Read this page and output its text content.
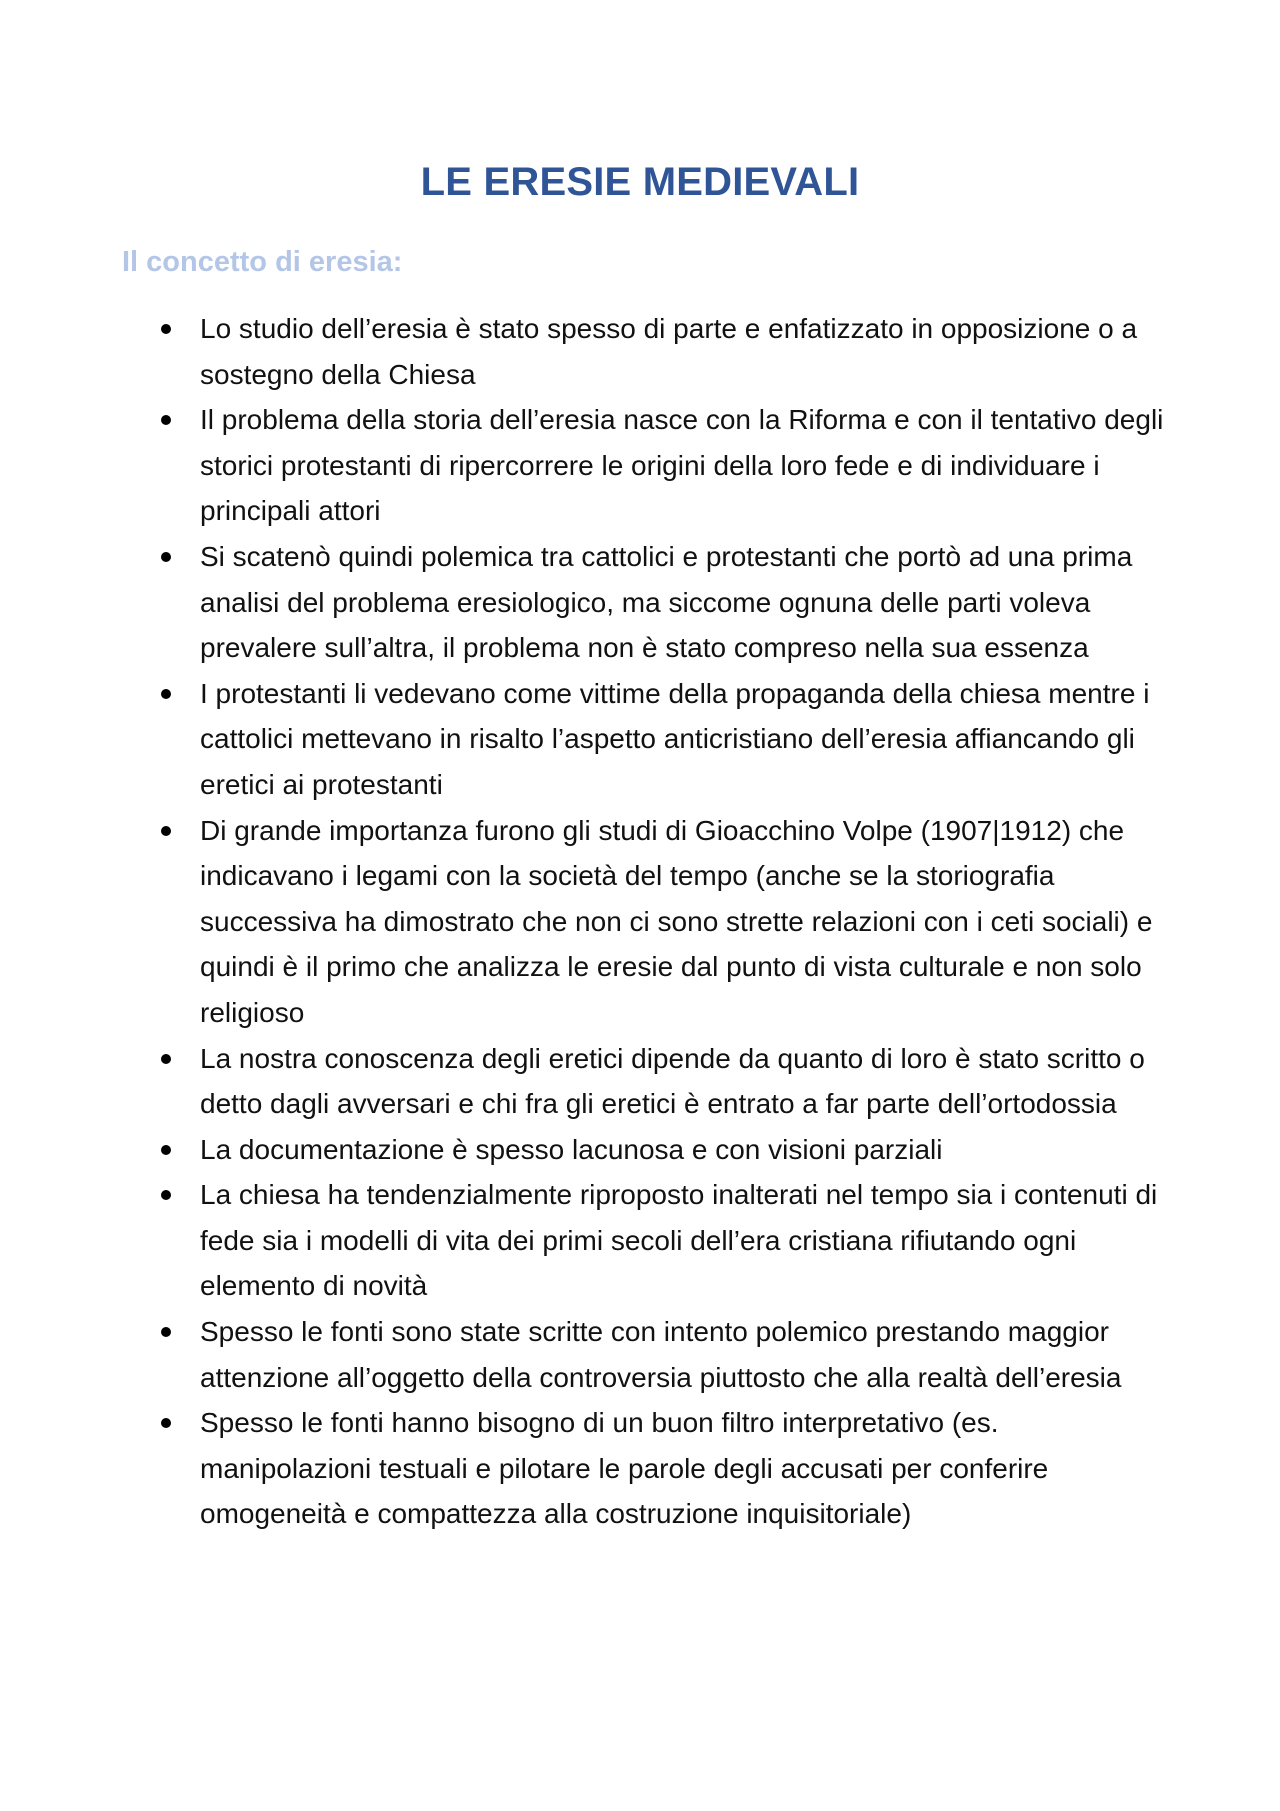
LE ERESIE MEDIEVALI
Il concetto di eresia:
Lo studio dell’eresia è stato spesso di parte e enfatizzato in opposizione o a sostegno della Chiesa
Il problema della storia dell’eresia nasce con la Riforma e con il tentativo degli storici protestanti di ripercorrere le origini della loro fede e di individuare i principali attori
Si scatenò quindi polemica tra cattolici e protestanti che portò ad una prima analisi del problema eresiologico, ma siccome ognuna delle parti voleva prevalere sull’altra, il problema non è stato compreso nella sua essenza
I protestanti li vedevano come vittime della propaganda della chiesa mentre i cattolici mettevano in risalto l’aspetto anticristiano dell’eresia affiancando gli eretici ai protestanti
Di grande importanza furono gli studi di Gioacchino Volpe (1907|1912) che indicavano i legami con la società del tempo (anche se la storiografia successiva ha dimostrato che non ci sono strette relazioni con i ceti sociali) e quindi è il primo che analizza le eresie dal punto di vista culturale e non solo religioso
La nostra conoscenza degli eretici dipende da quanto di loro è stato scritto o detto dagli avversari e chi fra gli eretici è entrato a far parte dell’ortodossia
La documentazione è spesso lacunosa e con visioni parziali
La chiesa ha tendenzialmente riproposto inalterati nel tempo sia i contenuti di fede sia i modelli di vita dei primi secoli dell’era cristiana rifiutando ogni elemento di novità
Spesso le fonti sono state scritte con intento polemico prestando maggior attenzione all’oggetto della controversia piuttosto che alla realtà dell’eresia
Spesso le fonti hanno bisogno di un buon filtro interpretativo (es. manipolazioni testuali e pilotare le parole degli accusati per conferire omogeneità e compattezza alla costruzione inquisitoriale)
